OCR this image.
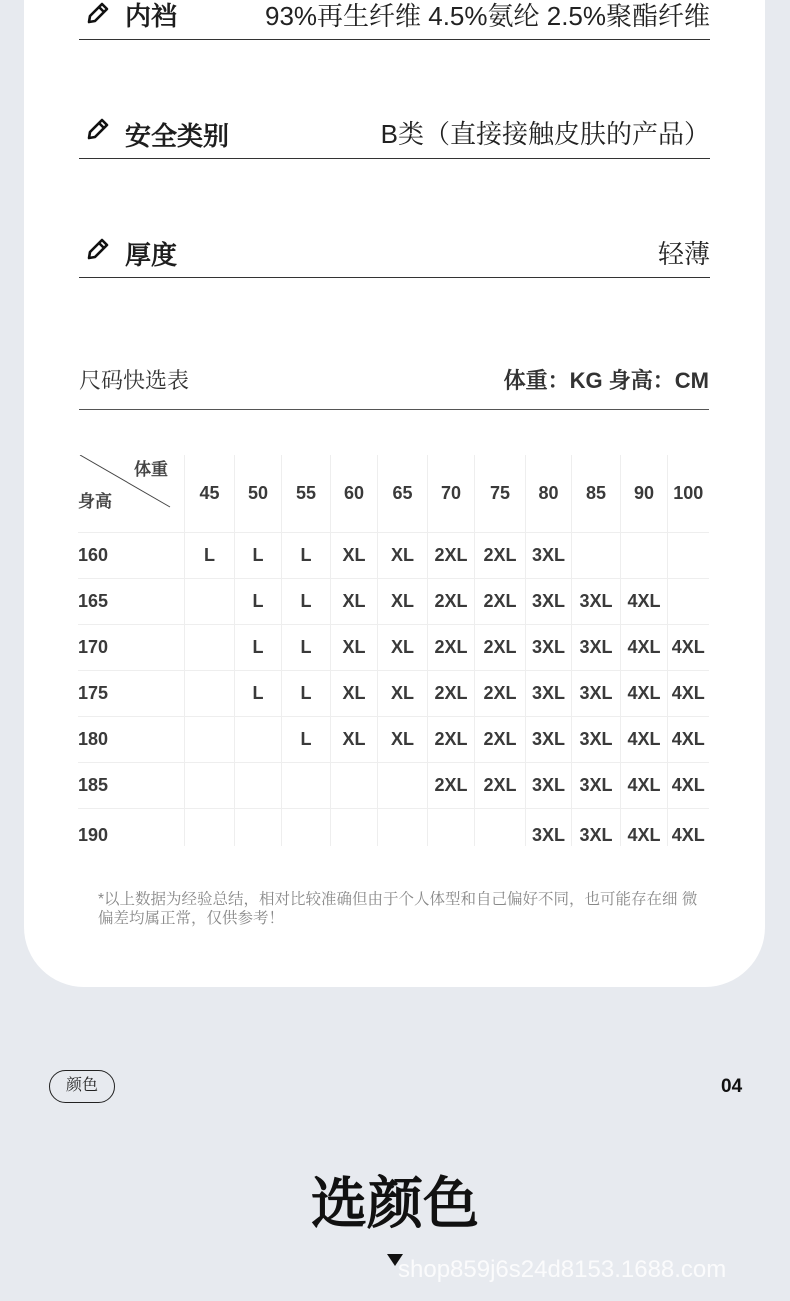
内裆	93%再生纤维 4.5%氨纶 2.5%聚酯纤维
安全类别	B类（直接接触皮肤的产品）
厚度	轻薄
尺码快选表	体重：KG 身高：CM
体重
身高	45	50	55	60	65	70	75	80	85	90	100
160	L	L	L	XL	XL	2XL	2XL	3XL			
165		L	L	XL	XL	2XL	2XL	3XL	3XL	4XL	
170		L	L	XL	XL	2XL	2XL	3XL	3XL	4XL	4XL
175		L	L	XL	XL	2XL	2XL	3XL	3XL	4XL	4XL
180			L	XL	XL	2XL	2XL	3XL	3XL	4XL	4XL
185						2XL	2XL	3XL	3XL	4XL	4XL
190								3XL	3XL	4XL	4XL
*以上数据为经验总结，相对比较准确但由于个人体型和自己偏好不同，也可能存在细 微偏差均属正常，仅供参考！
颜色	04
选颜色
shop859j6s24d8153.1688.com
